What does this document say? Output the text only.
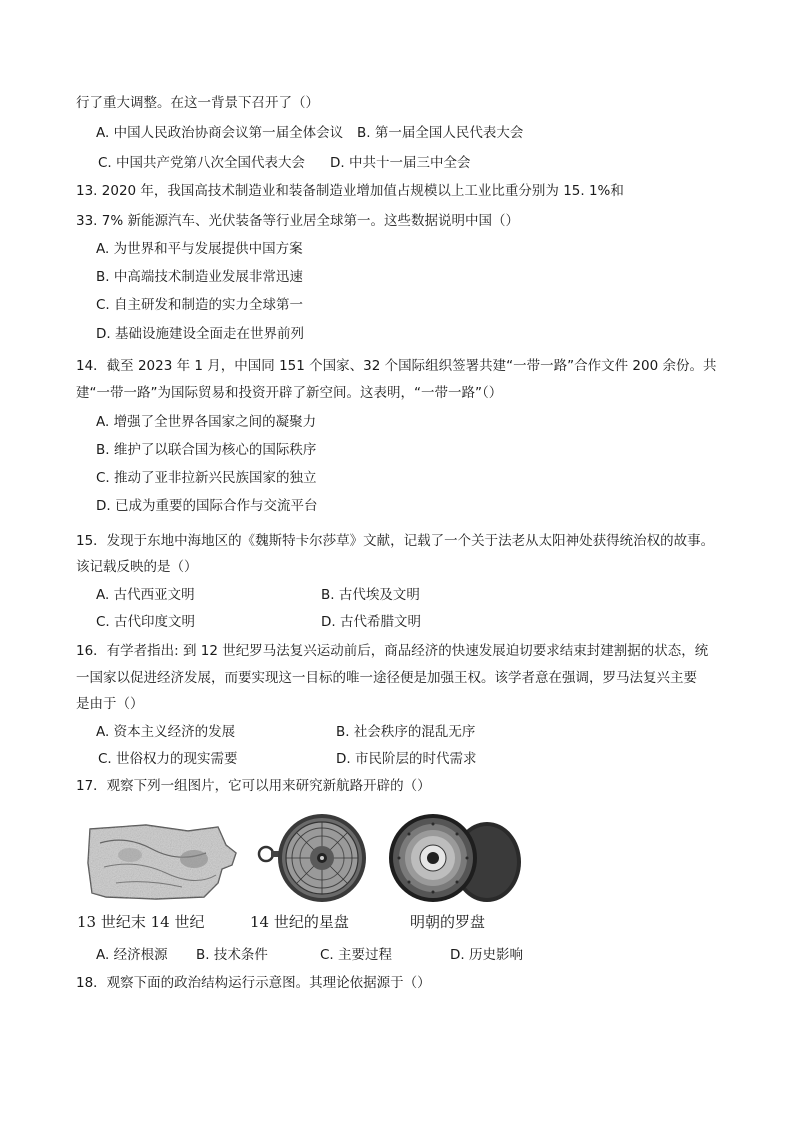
行了重大调整。在这一背景下召开了（）
A. 中国人民政治协商会议第一届全体会议 B. 第一届全国人民代表大会
C. 中国共产党第八次全国代表大会 D. 中共十一届三中全会
13. 2020 年，我国高技术制造业和装备制造业增加值占规模以上工业比重分别为 15. 1%和
33. 7% 新能源汽车、光伏装备等行业居全球第一。这些数据说明中国（）
A. 为世界和平与发展提供中国方案
B. 中高端技术制造业发展非常迅速
C. 自主研发和制造的实力全球第一
D. 基础设施建设全面走在世界前列
14．截至 2023 年 1 月，中国同 151 个国家、32 个国际组织签署共建“一带一路”合作文件 200 余份。共
建“一带一路”为国际贸易和投资开辟了新空间。这表明，“一带一路”（）
A. 增强了全世界各国家之间的凝聚力
B. 维护了以联合国为核心的国际秩序
C. 推动了亚非拉新兴民族国家的独立
D. 已成为重要的国际合作与交流平台
15．发现于东地中海地区的《魏斯特卡尔莎草》文献，记载了一个关于法老从太阳神处获得统治权的故事。
该记载反映的是（）
A. 古代西亚文明	B. 古代埃及文明
C. 古代印度文明	D. 古代希腊文明
16．有学者指出: 到 12 世纪罗马法复兴运动前后，商品经济的快速发展迫切要求结束封建割据的状态，统
一国家以促进经济发展，而要实现这一目标的唯一途径便是加强王权。该学者意在强调，罗马法复兴主要
是由于（）
A. 资本主义经济的发展	B. 社会秩序的混乱无序
C. 世俗权力的现实需要	D. 市民阶层的时代需求
17．观察下列一组图片，它可以用来研究新航路开辟的（）
13 世纪末 14 世纪	14 世纪的星盘	明朝的罗盘
A. 经济根源 B. 技术条件	C. 主要过程	D. 历史影响
18．观察下面的政治结构运行示意图。其理论依据源于（）
